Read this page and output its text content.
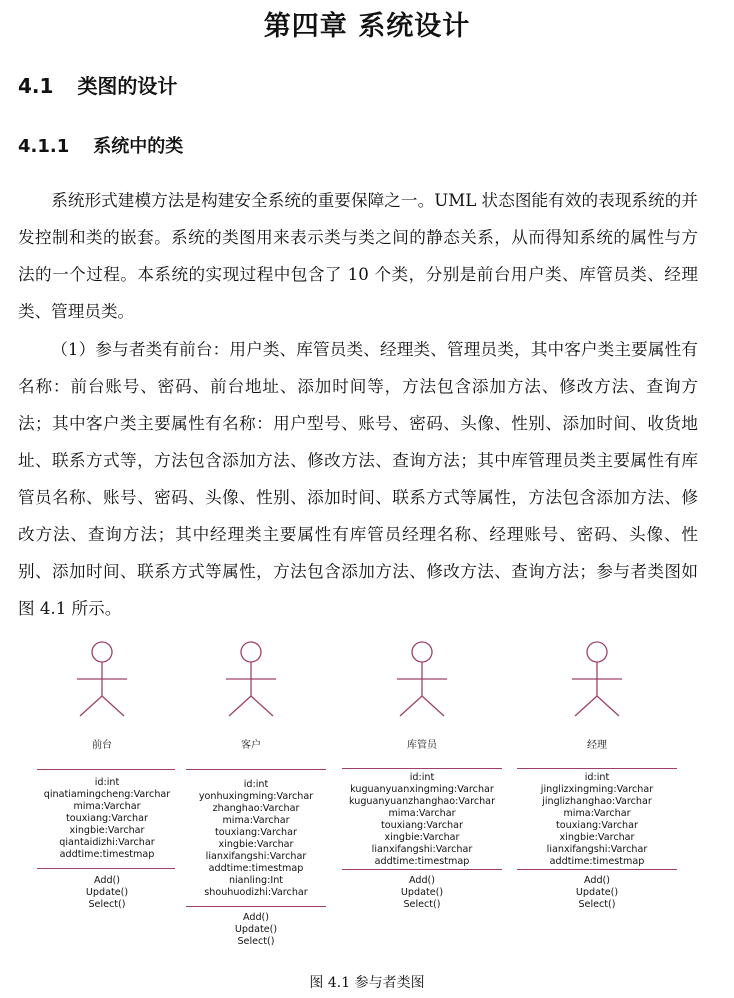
第四章 系统设计
4.1 类图的设计
4.1.1 系统中的类

系统形式建模方法是构建安全系统的重要保障之一。UML 状态图能有效的表现系统的并发控制和类的嵌套。系统的类图用来表示类与类之间的静态关系，从而得知系统的属性与方法的一个过程。本系统的实现过程中包含了 10 个类，分别是前台用户类、库管员类、经理类、管理员类。

（1）参与者类有前台：用户类、库管员类、经理类、管理员类，其中客户类主要属性有名称：前台账号、密码、前台地址、添加时间等，方法包含添加方法、修改方法、查询方法；其中客户类主要属性有名称：用户型号、账号、密码、头像、性别、添加时间、收货地址、联系方式等，方法包含添加方法、修改方法、查询方法；其中库管理员类主要属性有库管员名称、账号、密码、头像、性别、添加时间、联系方式等属性，方法包含添加方法、修改方法、查询方法；其中经理类主要属性有库管员经理名称、经理账号、密码、头像、性别、添加时间、联系方式等属性，方法包含添加方法、修改方法、查询方法；参与者类图如图 4.1 所示。

前台
id:int
qinatiamingcheng:Varchar
mima:Varchar
touxiang:Varchar
xingbie:Varchar
qiantaidizhi:Varchar
addtime:timestmap
Add()
Update()
Select()
客户
id:int
yonhuxingming:Varchar
zhanghao:Varchar
mima:Varchar
touxiang:Varchar
xingbie:Varchar
lianxifangshi:Varchar
addtime:timestmap
nianling:Int
shouhuodizhi:Varchar
Add()
Update()
Select()
库管员
id:int
kuguanyuanxingming:Varchar
kuguanyuanzhanghao:Varchar
mima:Varchar
touxiang:Varchar
xingbie:Varchar
lianxifangshi:Varchar
addtime:timestmap
Add()
Update()
Select()
经理
id:int
jinglizxingming:Varchar
jinglizhanghao:Varchar
mima:Varchar
touxiang:Varchar
xingbie:Varchar
lianxifangshi:Varchar
addtime:timestmap
Add()
Update()
Select()
图 4.1 参与者类图
